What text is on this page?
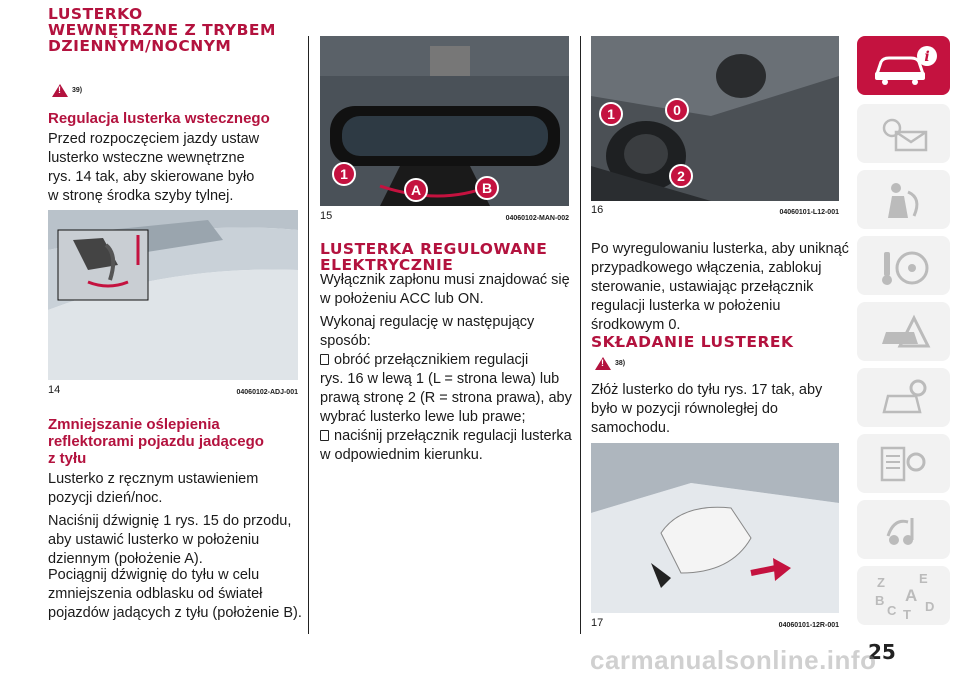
LUSTERKO
WEWNĘTRZNE Z TRYBEM
DZIENNYM/NOCNYM
!
39)
Regulacja lusterka wstecznego

Przed rozpoczęciem jazdy ustaw

lusterko wsteczne wewnętrzne

rys. 14 tak, aby skierowane było

w stronę środka szyby tylnej.

Zmniejszanie oślepienia
reflektorami pojazdu jadącego
z tyłu

Lusterko z ręcznym ustawieniem

pozycji dzień/noc.

Naciśnij dźwignię 1 rys. 15 do przodu,

aby ustawić lusterko w położeniu

dziennym (położenie A).

Pociągnij dźwignię do tyłu w celu

zmniejszenia odblasku od świateł

pojazdów jadących z tyłu (położenie B).

14	04060102-ADJ-001
1
A	B
15	04060102-MAN-002
LUSTERKA REGULOWANE
ELEKTRYCZNIE

Wyłącznik zapłonu musi znajdować się

w położeniu ACC lub ON.

Wykonaj regulację w następujący

sposób:

obróć przełącznikiem regulacji

rys. 16 w lewą 1 (L = strona lewa) lub

prawą stronę 2 (R = strona prawa), aby

wybrać lusterko lewe lub prawe;

naciśnij przełącznik regulacji lusterka

w odpowiednim kierunku.

1	0
2
16	04060101-L12-001

Po wyregulowaniu lusterka, aby uniknąć

przypadkowego włączenia, zablokuj

sterowanie, ustawiając przełącznik

regulacji lusterka w położeniu

środkowym 0.

SKŁADANIE LUSTEREK
!
38)

Złóż lusterko do tyłu rys. 17 tak, aby

było w pozycji równoległej do

samochodu.

17	04060101-12R-001
i
Z	E
B A
C T
D
25
carmanualsonline.info
